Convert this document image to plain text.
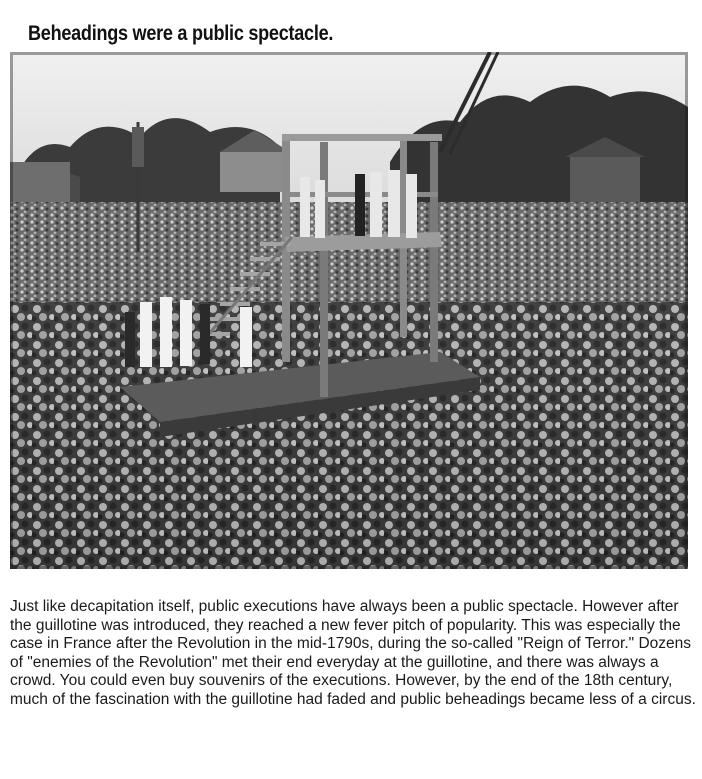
Beheadings were a public spectacle.

Just like decapitation itself, public executions have always been a public spectacle. However after the guillotine was introduced, they reached a new fever pitch of popularity. This was especially the case in France after the Revolution in the mid-1790s, during the so-called "Reign of Terror." Dozens of "enemies of the Revolution" met their end everyday at the guillotine, and there was always a crowd. You could even buy souvenirs of the executions. However, by the end of the 18th century, much of the fascination with the guillotine had faded and public beheadings became less of a circus.
